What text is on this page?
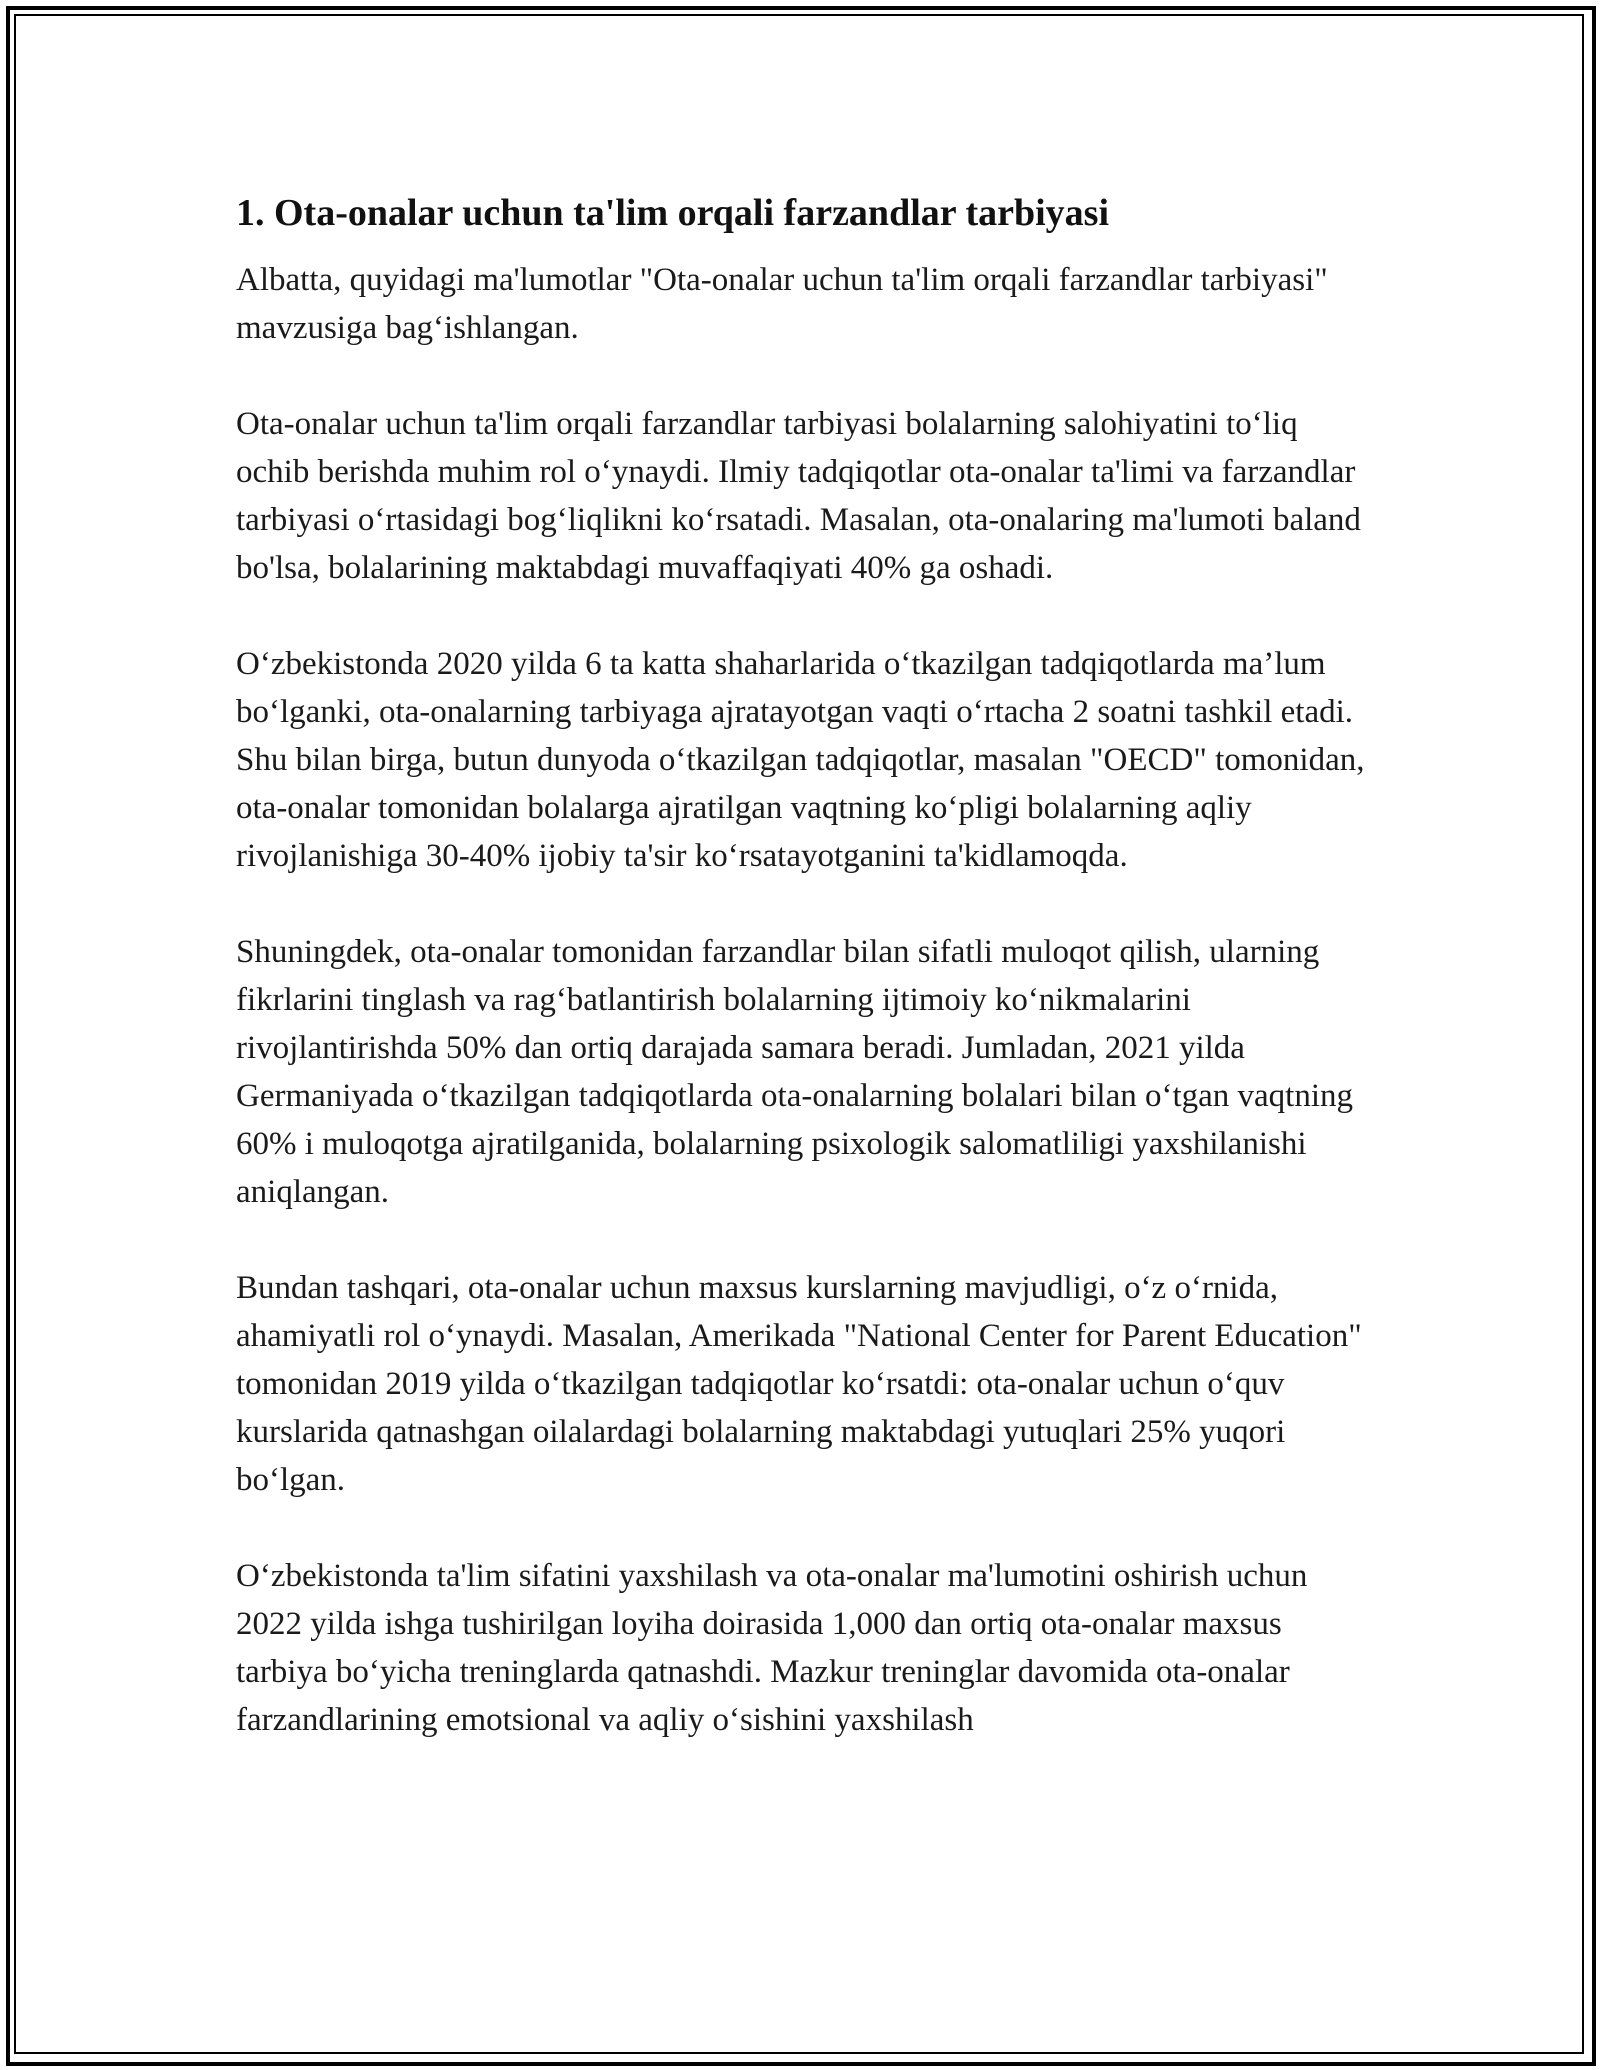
1. Ota-onalar uchun ta'lim orqali farzandlar tarbiyasi

Albatta, quyidagi ma'lumotlar "Ota-onalar uchun ta'lim orqali farzandlar tarbiyasi" mavzusiga bag‘ishlangan.

Ota-onalar uchun ta'lim orqali farzandlar tarbiyasi bolalarning salohiyatini to‘liq ochib berishda muhim rol o‘ynaydi. Ilmiy tadqiqotlar ota-onalar ta'limi va farzandlar tarbiyasi o‘rtasidagi bog‘liqlikni ko‘rsatadi. Masalan, ota-onalaring ma'lumoti baland bo'lsa, bolalarining maktabdagi muvaffaqiyati 40% ga oshadi.

O‘zbekistonda 2020 yilda 6 ta katta shaharlarida o‘tkazilgan tadqiqotlarda ma’lum bo‘lganki, ota-onalarning tarbiyaga ajratayotgan vaqti o‘rtacha 2 soatni tashkil etadi. Shu bilan birga, butun dunyoda o‘tkazilgan tadqiqotlar, masalan "OECD" tomonidan, ota-onalar tomonidan bolalarga ajratilgan vaqtning ko‘pligi bolalarning aqliy rivojlanishiga 30-40% ijobiy ta'sir ko‘rsatayotganini ta'kidlamoqda.

Shuningdek, ota-onalar tomonidan farzandlar bilan sifatli muloqot qilish, ularning fikrlarini tinglash va rag‘batlantirish bolalarning ijtimoiy ko‘nikmalarini rivojlantirishda 50% dan ortiq darajada samara beradi. Jumladan, 2021 yilda Germaniyada o‘tkazilgan tadqiqotlarda ota-onalarning bolalari bilan o‘tgan vaqtning 60% i muloqotga ajratilganida, bolalarning psixologik salomatliligi yaxshilanishi aniqlangan.

Bundan tashqari, ota-onalar uchun maxsus kurslarning mavjudligi, o‘z o‘rnida, ahamiyatli rol o‘ynaydi. Masalan, Amerikada "National Center for Parent Education" tomonidan 2019 yilda o‘tkazilgan tadqiqotlar ko‘rsatdi: ota-onalar uchun o‘quv kurslarida qatnashgan oilalardagi bolalarning maktabdagi yutuqlari 25% yuqori bo‘lgan.

O‘zbekistonda ta'lim sifatini yaxshilash va ota-onalar ma'lumotini oshirish uchun 2022 yilda ishga tushirilgan loyiha doirasida 1,000 dan ortiq ota-onalar maxsus tarbiya bo‘yicha treninglarda qatnashdi. Mazkur treninglar davomida ota-onalar farzandlarining emotsional va aqliy o‘sishini yaxshilash
